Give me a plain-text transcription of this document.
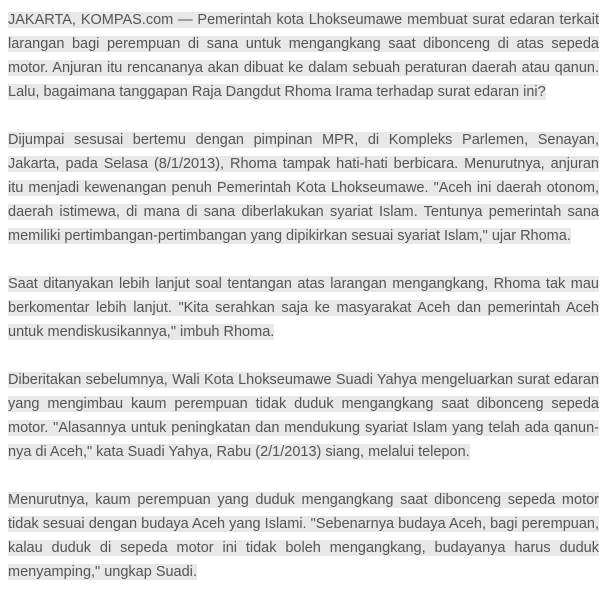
JAKARTA, KOMPAS.com — Pemerintah kota Lhokseumawe membuat surat edaran terkait larangan bagi perempuan di sana untuk mengangkang saat dibonceng di atas sepeda motor. Anjuran itu rencananya akan dibuat ke dalam sebuah peraturan daerah atau qanun. Lalu, bagaimana tanggapan Raja Dangdut Rhoma Irama terhadap surat edaran ini?

Dijumpai sesusai bertemu dengan pimpinan MPR, di Kompleks Parlemen, Senayan, Jakarta, pada Selasa (8/1/2013), Rhoma tampak hati-hati berbicara. Menurutnya, anjuran itu menjadi kewenangan penuh Pemerintah Kota Lhokseumawe. "Aceh ini daerah otonom, daerah istimewa, di mana di sana diberlakukan syariat Islam. Tentunya pemerintah sana memiliki pertimbangan-pertimbangan yang dipikirkan sesuai syariat Islam," ujar Rhoma.

Saat ditanyakan lebih lanjut soal tentangan atas larangan mengangkang, Rhoma tak mau berkomentar lebih lanjut. "Kita serahkan saja ke masyarakat Aceh dan pemerintah Aceh untuk mendiskusikannya," imbuh Rhoma.

Diberitakan sebelumnya, Wali Kota Lhokseumawe Suadi Yahya mengeluarkan surat edaran yang mengimbau kaum perempuan tidak duduk mengangkang saat dibonceng sepeda motor. "Alasannya untuk peningkatan dan mendukung syariat Islam yang telah ada qanun-nya di Aceh," kata Suadi Yahya, Rabu (2/1/2013) siang, melalui telepon.

Menurutnya, kaum perempuan yang duduk mengangkang saat dibonceng sepeda motor tidak sesuai dengan budaya Aceh yang Islami. "Sebenarnya budaya Aceh, bagi perempuan, kalau duduk di sepeda motor ini tidak boleh mengangkang, budayanya harus duduk menyamping," ungkap Suadi.
